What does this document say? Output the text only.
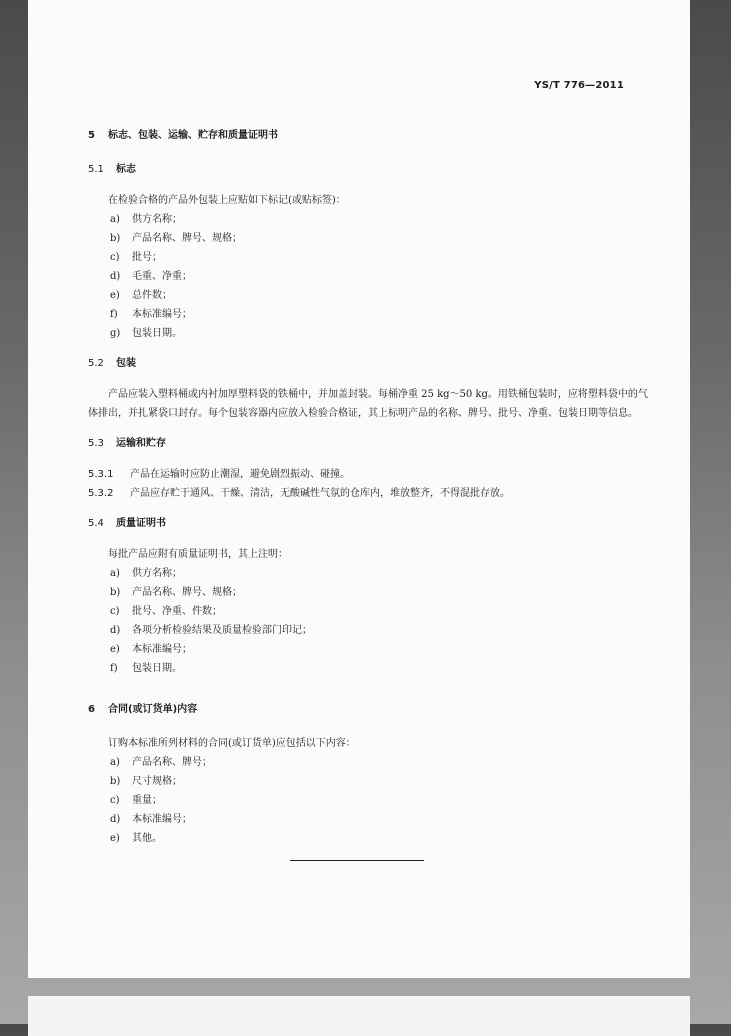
YS/T 776—2011
5 标志、包装、运输、贮存和质量证明书
5.1 标志
在检验合格的产品外包装上应贴如下标记(或贴标签)：
a) 供方名称；
b) 产品名称、牌号、规格；
c) 批号；
d) 毛重、净重；
e) 总件数；
f) 本标准编号；
g) 包装日期。
5.2 包装
产品应装入塑料桶或内衬加厚塑料袋的铁桶中，并加盖封装。每桶净重 25 kg～50 kg。用铁桶包装时，应将塑料袋中的气体排出，并扎紧袋口封存。每个包装容器内应放入检验合格证，其上标明产品的名称、牌号、批号、净重、包装日期等信息。
5.3 运输和贮存
5.3.1 产品在运输时应防止潮湿，避免剧烈振动、碰撞。
5.3.2 产品应存贮于通风、干燥、清洁，无酸碱性气氛的仓库内，堆放整齐，不得混批存放。
5.4 质量证明书
每批产品应附有质量证明书，其上注明：
a) 供方名称；
b) 产品名称、牌号、规格；
c) 批号、净重、件数；
d) 各项分析检验结果及质量检验部门印记；
e) 本标准编号；
f) 包装日期。
6 合同(或订货单)内容
订购本标准所列材料的合同(或订货单)应包括以下内容：
a) 产品名称、牌号；
b) 尺寸规格；
c) 重量；
d) 本标准编号；
e) 其他。
